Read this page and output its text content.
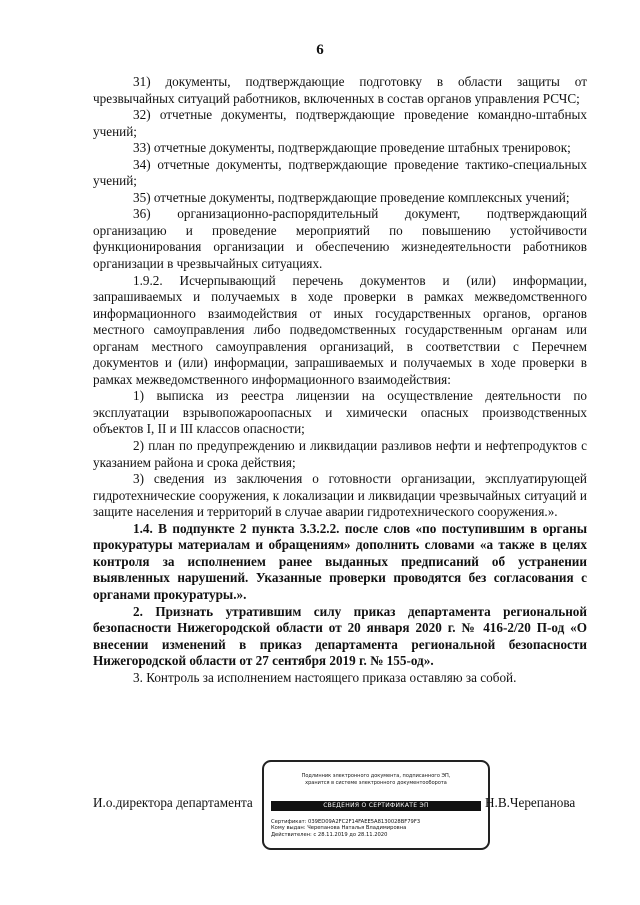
6

31) документы, подтверждающие подготовку в области защиты от чрезвычайных ситуаций работников, включенных в состав органов управления РСЧС;

32) отчетные документы, подтверждающие проведение командно-штабных учений;

33) отчетные документы, подтверждающие проведение штабных тренировок;

34) отчетные документы, подтверждающие проведение тактико-специальных учений;

35) отчетные документы, подтверждающие проведение комплексных учений;

36) организационно-распорядительный документ, подтверждающий организацию и проведение мероприятий по повышению устойчивости функционирования организации и обеспечению жизнедеятельности работников организации в чрезвычайных ситуациях.

1.9.2. Исчерпывающий перечень документов и (или) информации, запрашиваемых и получаемых в ходе проверки в рамках межведомственного информационного взаимодействия от иных государственных органов, органов местного самоуправления либо подведомственных государственным органам или органам местного самоуправления организаций, в соответствии с Перечнем документов и (или) информации, запрашиваемых и получаемых в ходе проверки в рамках межведомственного информационного взаимодействия:

1) выписка из реестра лицензии на осуществление деятельности по эксплуатации взрывопожароопасных и химически опасных производственных объектов I, II и III классов опасности;

2) план по предупреждению и ликвидации разливов нефти и нефтепродуктов с указанием района и срока действия;

3) сведения из заключения о готовности организации, эксплуатирующей гидротехнические сооружения, к локализации и ликвидации чрезвычайных ситуаций и защите населения и территорий в случае аварии гидротехнического сооружения.».

1.4. В подпункте 2 пункта 3.3.2.2. после слов «по поступившим в органы прокуратуры материалам и обращениям» дополнить словами «а также в целях контроля за исполнением ранее выданных предписаний об устранении выявленных нарушений. Указанные проверки проводятся без согласования с органами прокуратуры.».

2. Признать утратившим силу приказ департамента региональной безопасности Нижегородской области от 20 января 2020 г. № 416-2/20 П-од «О внесении изменений в приказ департамента региональной безопасности Нижегородской области от 27 сентября 2019 г. № 155-од».

3. Контроль за исполнением настоящего приказа оставляю за собой.

И.о.директора департамента
Подлинник электронного документа, подписанного ЭП,
хранится в системе электронного документооборота
СВЕДЕНИЯ О СЕРТИФИКАТЕ ЭП
Сертификат: 039ED09A2FC2F14FAEE5A8130028BF79F3
Кому выдан: Черепанова Наталья Владимировна
Действителен: с 28.11.2019 до 28.11.2020
Н.В.Черепанова
